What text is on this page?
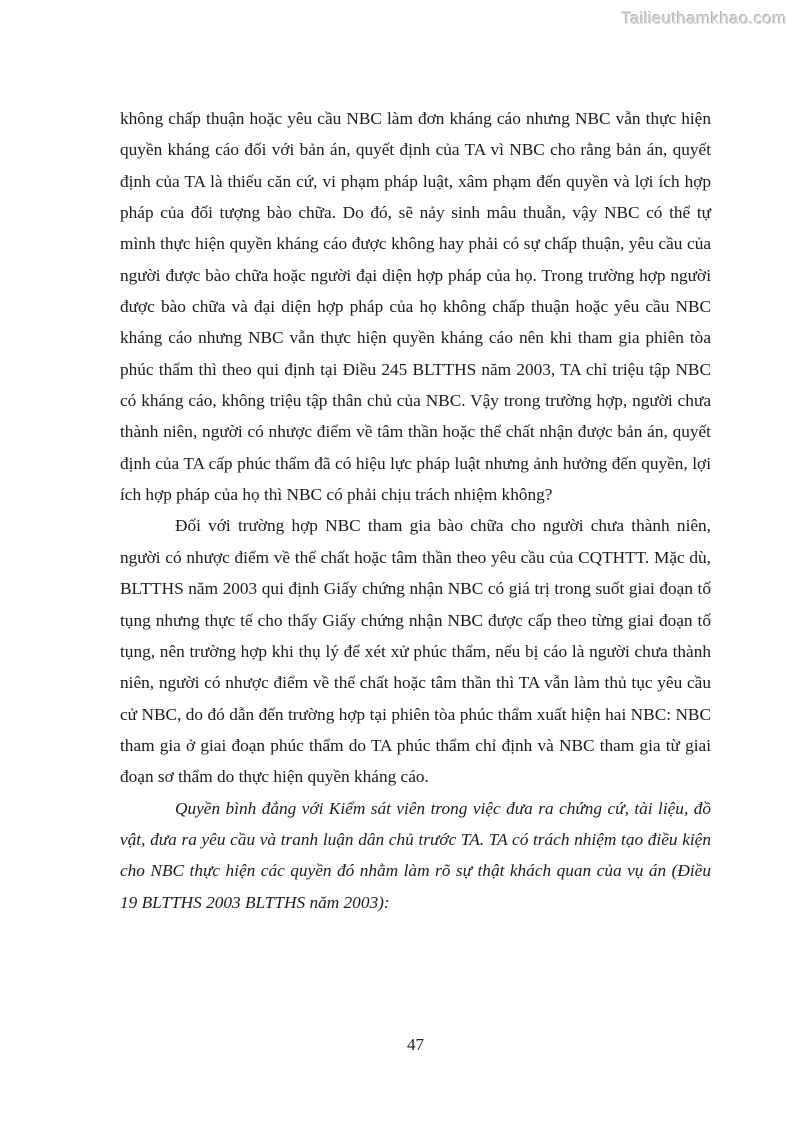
Tailieuthamkhao.com

không chấp thuận hoặc yêu cầu NBC làm đơn kháng cáo nhưng NBC vẫn thực hiện quyền kháng cáo đối với bản án, quyết định của TA vì NBC cho rằng bản án, quyết định của TA là thiếu căn cứ, vi phạm pháp luật, xâm phạm đến quyền và lợi ích hợp pháp của đối tượng bào chữa. Do đó, sẽ nảy sinh mâu thuẫn, vậy NBC có thể tự mình thực hiện quyền kháng cáo được không hay phải có sự chấp thuận, yêu cầu của người được bào chữa hoặc người đại diện hợp pháp của họ. Trong trường hợp người được bào chữa và đại diện hợp pháp của họ không chấp thuận hoặc yêu cầu NBC kháng cáo nhưng NBC vẫn thực hiện quyền kháng cáo nên khi tham gia phiên tòa phúc thẩm thì theo qui định tại Điều 245 BLTTHS năm 2003, TA chỉ triệu tập NBC có kháng cáo, không triệu tập thân chủ của NBC. Vậy trong trường hợp, người chưa thành niên, người có nhược điểm về tâm thần hoặc thể chất nhận được bản án, quyết định của TA cấp phúc thẩm đã có hiệu lực pháp luật nhưng ảnh hưởng đến quyền, lợi ích hợp pháp của họ thì NBC có phải chịu trách nhiệm không?

Đối với trường hợp NBC tham gia bào chữa cho người chưa thành niên, người có nhược điểm về thể chất hoặc tâm thần theo yêu cầu của CQTHTT. Mặc dù, BLTTHS năm 2003 qui định Giấy chứng nhận NBC có giá trị trong suốt giai đoạn tố tụng nhưng thực tế cho thấy Giấy chứng nhận NBC được cấp theo từng giai đoạn tố tụng, nên trường hợp khi thụ lý để xét xử phúc thẩm, nếu bị cáo là người chưa thành niên, người có nhược điểm về thể chất hoặc tâm thần thì TA vẫn làm thủ tục yêu cầu cử NBC, do đó dẫn đến trường hợp tại phiên tòa phúc thẩm xuất hiện hai NBC: NBC tham gia ở giai đoạn phúc thẩm do TA phúc thẩm chỉ định và NBC tham gia từ giai đoạn sơ thẩm do thực hiện quyền kháng cáo.

Quyền bình đẳng với Kiểm sát viên trong việc đưa ra chứng cứ, tài liệu, đồ vật, đưa ra yêu cầu và tranh luận dân chủ trước TA. TA có trách nhiệm tạo điều kiện cho NBC thực hiện các quyền đó nhằm làm rõ sự thật khách quan của vụ án (Điều 19 BLTTHS 2003 BLTTHS năm 2003):

47
